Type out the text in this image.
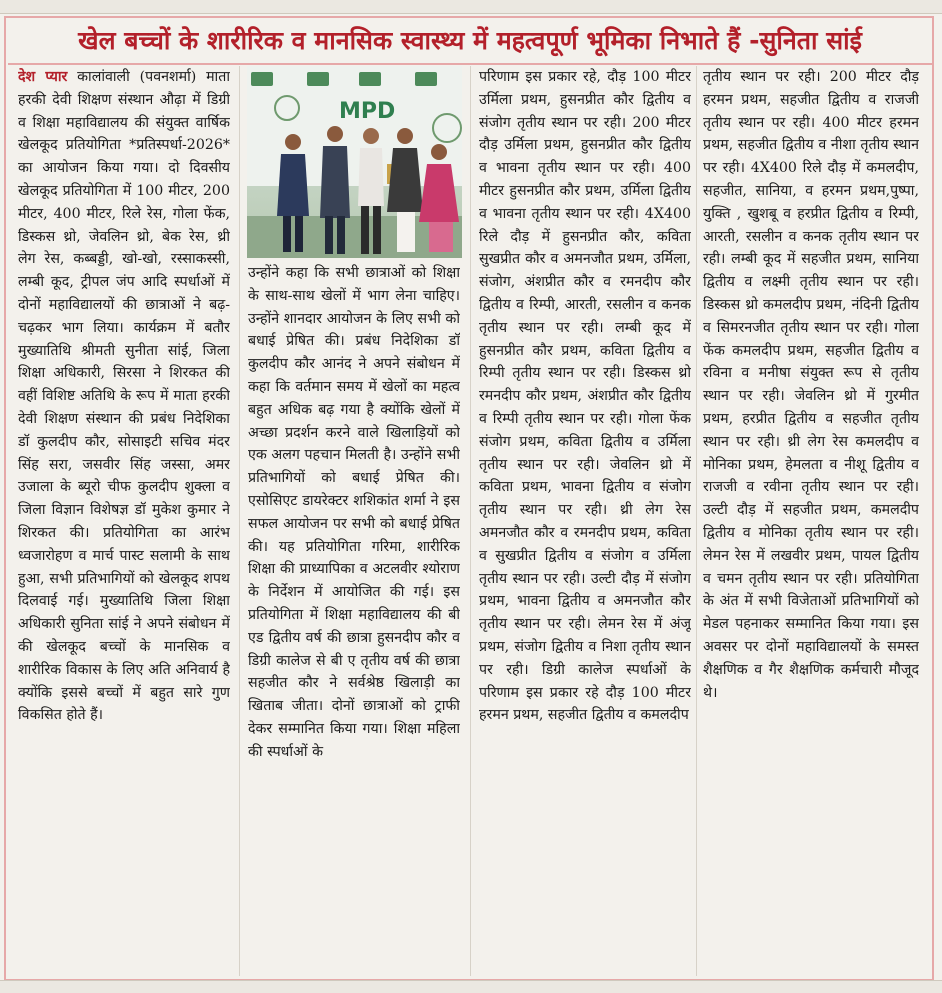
खेल बच्चों के शारीरिक व मानसिक स्वास्थ्य में महत्वपूर्ण भूमिका निभाते हैं -सुनिता सांई
देश प्यार कालांवाली (पवनशर्मा) माता हरकी देवी शिक्षण संस्थान औढ़ा में डिग्री व शिक्षा महाविद्यालय की संयुक्त वार्षिक खेलकूद प्रतियोगिता *प्रतिस्पर्धा-2026* का आयोजन किया गया। दो दिवसीय खेलकूद प्रतियोगिता में 100 मीटर, 200 मीटर, 400 मीटर, रिले रेस, गोला फेंक, डिस्कस थ्रो, जेवलिन थ्रो, बेक रेस, थ्री लेग रेस, कब्बड्डी, खो-खो, रस्साकस्सी, लम्बी कूद, ट्रीपल जंप आदि स्पर्धाओं में दोनों महाविद्यालयों की छात्राओं ने बढ़-चढ़कर भाग लिया। कार्यक्रम में बतौर मुख्यातिथि श्रीमती सुनीता सांई, जिला शिक्षा अधिकारी, सिरसा ने शिरकत की वहीं विशिष्ट अतिथि के रूप में माता हरकी देवी शिक्षण संस्थान की प्रबंध निदेशिका डॉ कुलदीप कौर, सोसाइटी सचिव मंदर सिंह सरा, जसवीर सिंह जस्सा, अमर उजाला के ब्यूरो चीफ कुलदीप शुक्ला व जिला विज्ञान विशेषज्ञ डॉ मुकेश कुमार ने शिरकत की। प्रतियोगिता का आरंभ ध्वजारोहण व मार्च पास्ट सलामी के साथ हुआ, सभी प्रतिभागियों को खेलकूद शपथ दिलवाई गई। मुख्यातिथि जिला शिक्षा अधिकारी सुनिता सांई ने अपने संबोधन में की खेलकूद बच्चों के मानसिक व शारीरिक विकास के लिए अति अनिवार्य है क्योंकि इससे बच्चों में बहुत सारे गुण विकसित होते हैं।
MPD
उन्होंने कहा कि सभी छात्राओं को शिक्षा के साथ-साथ खेलों में भाग लेना चाहिए। उन्होंने शानदार आयोजन के लिए सभी को बधाई प्रेषित की। प्रबंध निदेशिका डॉ कुलदीप कौर आनंद ने अपने संबोधन में कहा कि वर्तमान समय में खेलों का महत्व बहुत अधिक बढ़ गया है क्योंकि खेलों में अच्छा प्रदर्शन करने वाले खिलाड़ियों को एक अलग पहचान मिलती है। उन्होंने सभी प्रतिभागियों को बधाई प्रेषित की। एसोसिएट डायरेक्टर शशिकांत शर्मा ने इस सफल आयोजन पर सभी को बधाई प्रेषित की। यह प्रतियोगिता गरिमा, शारीरिक शिक्षा की प्राध्यापिका व अटलवीर श्योराण के निर्देशन में आयोजित की गई। इस प्रतियोगिता में शिक्षा महाविद्यालय की बी एड द्वितीय वर्ष की छात्रा हुसनदीप कौर व डिग्री कालेज से बी ए तृतीय वर्ष की छात्रा सहजीत कौर ने सर्वश्रेष्ठ खिलाड़ी का खिताब जीता। दोनों छात्राओं को ट्राफी देकर सम्मानित किया गया। शिक्षा महिला की स्पर्धाओं के
परिणाम इस प्रकार रहे, दौड़ 100 मीटर उर्मिला प्रथम, हुसनप्रीत कौर द्वितीय व संजोग तृतीय स्थान पर रही। 200 मीटर दौड़ उर्मिला प्रथम, हुसनप्रीत कौर द्वितीय व भावना तृतीय स्थान पर रही। 400 मीटर हुसनप्रीत कौर प्रथम, उर्मिला द्वितीय व भावना तृतीय स्थान पर रही। 4X400 रिले दौड़ में हुसनप्रीत कौर, कविता सुखप्रीत कौर व अमनजौत प्रथम, उर्मिला, संजोग, अंशप्रीत कौर व रमनदीप कौर द्वितीय व रिम्पी, आरती, रसलीन व कनक तृतीय स्थान पर रही। लम्बी कूद में हुसनप्रीत कौर प्रथम, कविता द्वितीय व रिम्पी तृतीय स्थान पर रही। डिस्कस थ्रो रमनदीप कौर प्रथम, अंशप्रीत कौर द्वितीय व रिम्पी तृतीय स्थान पर रही। गोला फेंक संजोग प्रथम, कविता द्वितीय व उर्मिला तृतीय स्थान पर रही। जेवलिन थ्रो में कविता प्रथम, भावना द्वितीय व संजोग तृतीय स्थान पर रही। थ्री लेग रेस अमनजौत कौर व रमनदीप प्रथम, कविता व सुखप्रीत द्वितीय व संजोग व उर्मिला तृतीय स्थान पर रही। उल्टी दौड़ में संजोग प्रथम, भावना द्वितीय व अमनजौत कौर तृतीय स्थान पर रही। लेमन रेस में अंजू प्रथम, संजोग द्वितीय व निशा तृतीय स्थान पर रही। डिग्री कालेज स्पर्धाओं के परिणाम इस प्रकार रहे दौड़ 100 मीटर हरमन प्रथम, सहजीत द्वितीय व कमलदीप
तृतीय स्थान पर रही। 200 मीटर दौड़ हरमन प्रथम, सहजीत द्वितीय व राजजी तृतीय स्थान पर रही। 400 मीटर हरमन प्रथम, सहजीत द्वितीय व नीशा तृतीय स्थान पर रही। 4X400 रिले दौड़ में कमलदीप, सहजीत, सानिया, व हरमन प्रथम,पुष्पा, युक्ति , खुशबू व हरप्रीत द्वितीय व रिम्पी, आरती, रसलीन व कनक तृतीय स्थान पर रही। लम्बी कूद में सहजीत प्रथम, सानिया द्वितीय व लक्ष्मी तृतीय स्थान पर रही। डिस्कस थ्रो कमलदीप प्रथम, नंदिनी द्वितीय व सिमरनजीत तृतीय स्थान पर रही। गोला फेंक कमलदीप प्रथम, सहजीत द्वितीय व रविना व मनीषा संयुक्त रूप से तृतीय स्थान पर रही। जेवलिन थ्रो में गुरमीत प्रथम, हरप्रीत द्वितीय व सहजीत तृतीय स्थान पर रही। थ्री लेग रेस कमलदीप व मोनिका प्रथम, हेमलता व नीशू द्वितीय व राजजी व रवीना तृतीय स्थान पर रही। उल्टी दौड़ में सहजीत प्रथम, कमलदीप द्वितीय व मोनिका तृतीय स्थान पर रही। लेमन रेस में लखवीर प्रथम, पायल द्वितीय व चमन तृतीय स्थान पर रही। प्रतियोगिता के अंत में सभी विजेताओं प्रतिभागियों को मेडल पहनाकर सम्मानित किया गया। इस अवसर पर दोनों महाविद्यालयों के समस्त शैक्षणिक व गैर शैक्षणिक कर्मचारी मौजूद थे।
